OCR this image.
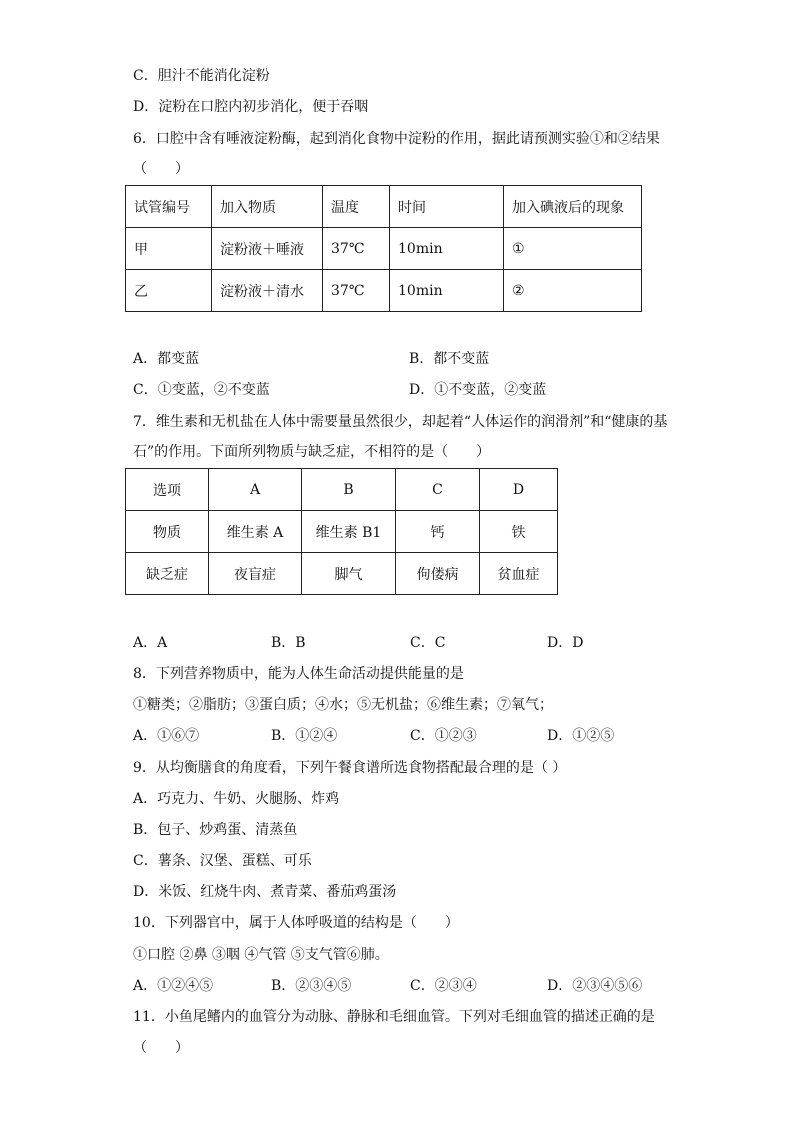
C．胆汁不能消化淀粉
D．淀粉在口腔内初步消化，便于吞咽
6．口腔中含有唾液淀粉酶，起到消化食物中淀粉的作用，据此请预测实验①和②结果
（　　）
试管编号	加入物质	温度	时间	加入碘液后的现象
甲	淀粉液＋唾液	37℃	10min	①
乙	淀粉液＋清水	37℃	10min	②
A．都变蓝	B．都不变蓝
C．①变蓝，②不变蓝	D．①不变蓝，②变蓝
7．维生素和无机盐在人体中需要量虽然很少，却起着“人体运作的润滑剂”和“健康的基
石”的作用。下面所列物质与缺乏症，不相符的是（　　）
选项	A	B	C	D
物质	维生素 A	维生素 B1	钙	铁
缺乏症	夜盲症	脚气	佝偻病	贫血症
A．A	B．B	C．C	D．D
8．下列营养物质中，能为人体生命活动提供能量的是
①糖类；②脂肪；③蛋白质；④水；⑤无机盐；⑥维生素；⑦氧气；
A．①⑥⑦	B．①②④	C．①②③	D．①②⑤
9．从均衡膳食的角度看，下列午餐食谱所选食物搭配最合理的是（ ）
A．巧克力、牛奶、火腿肠、炸鸡
B．包子、炒鸡蛋、清蒸鱼
C．薯条、汉堡、蛋糕、可乐
D．米饭、红烧牛肉、煮青菜、番茄鸡蛋汤
10．下列器官中，属于人体呼吸道的结构是（　　）
①口腔 ②鼻 ③咽 ④气管 ⑤支气管⑥肺。
A．①②④⑤	B．②③④⑤	C．②③④	D．②③④⑤⑥
11．小鱼尾鳍内的血管分为动脉、静脉和毛细血管。下列对毛细血管的描述正确的是
（　　）
